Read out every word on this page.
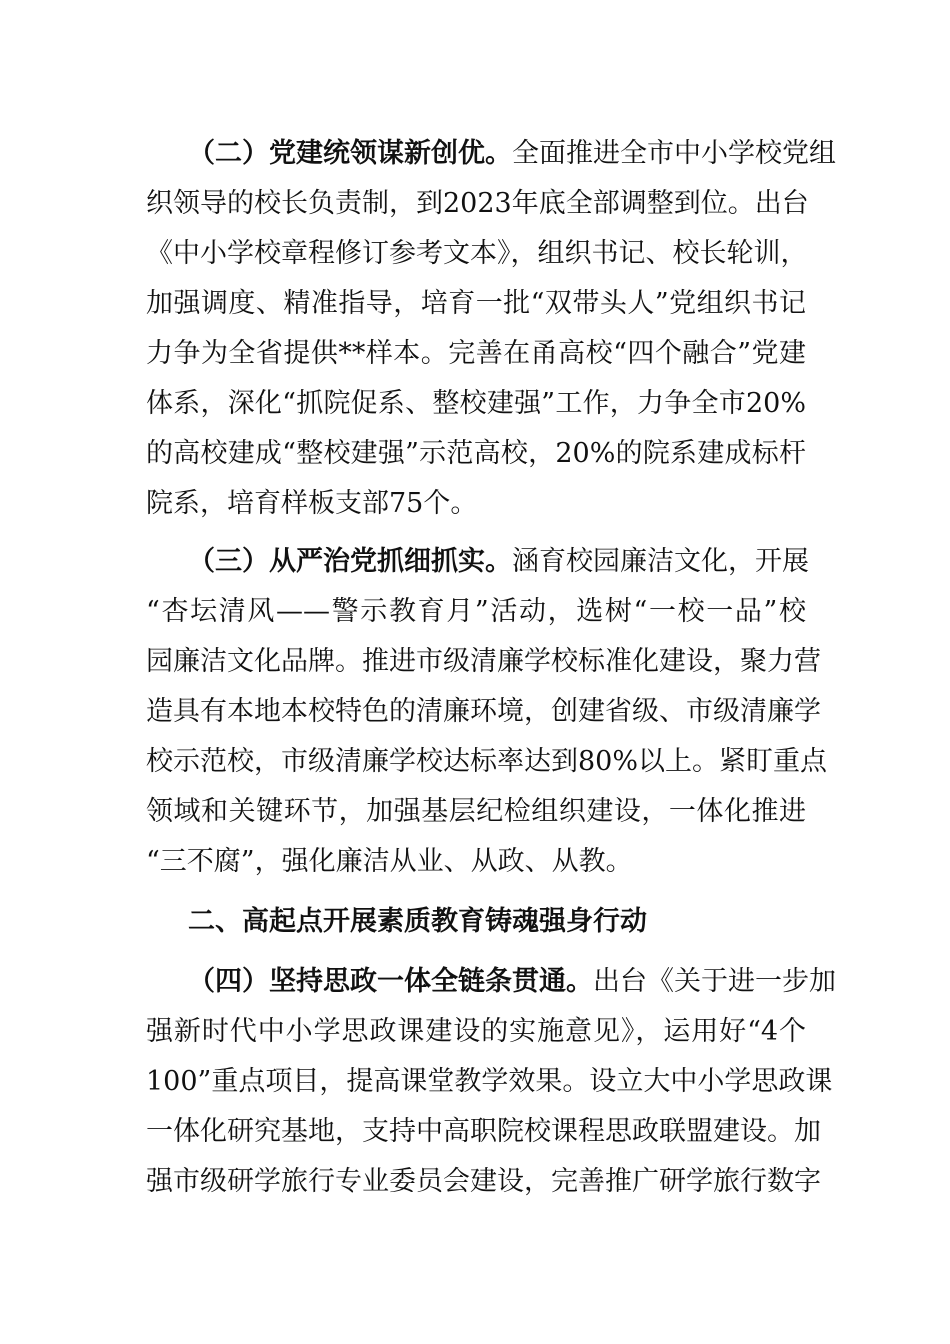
（二）党建统领谋新创优。全面推进全市中小学校党组
织领导的校长负责制，到2023年底全部调整到位。出台
《中小学校章程修订参考文本》，组织书记、校长轮训，
加强调度、精准指导，培育一批“双带头人”党组织书记
力争为全省提供**样本。完善在甬高校“四个融合”党建
体系，深化“抓院促系、整校建强”工作，力争全市20%
的高校建成“整校建强”示范高校，20%的院系建成标杆
院系，培育样板支部75个。
（三）从严治党抓细抓实。涵育校园廉洁文化，开展
“杏坛清风——警示教育月”活动，选树“一校一品”校
园廉洁文化品牌。推进市级清廉学校标准化建设，聚力营
造具有本地本校特色的清廉环境，创建省级、市级清廉学
校示范校，市级清廉学校达标率达到80%以上。紧盯重点
领域和关键环节，加强基层纪检组织建设，一体化推进
“三不腐”，强化廉洁从业、从政、从教。
二、高起点开展素质教育铸魂强身行动
（四）坚持思政一体全链条贯通。出台《关于进一步加
强新时代中小学思政课建设的实施意见》，运用好“4个
100”重点项目，提高课堂教学效果。设立大中小学思政课
一体化研究基地，支持中高职院校课程思政联盟建设。加
强市级研学旅行专业委员会建设，完善推广研学旅行数字
